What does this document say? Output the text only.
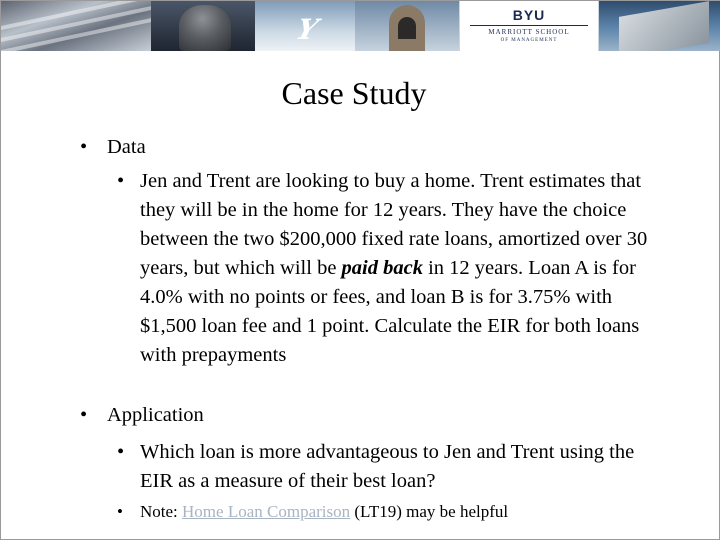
Y	BYU
MARRIOTT SCHOOL
OF MANAGEMENT
Case Study
• Data
• Jen and Trent are looking to buy a home. Trent estimates that they will be in the home for 12 years. They have the choice between the two $200,000 fixed rate loans, amortized over 30 years, but which will be paid back in 12 years. Loan A is for 4.0% with no points or fees, and loan B is for 3.75% with $1,500 loan fee and 1 point. Calculate the EIR for both loans with prepayments

• Application
• Which loan is more advantageous to Jen and Trent using the EIR as a measure of their best loan?
• Note: Home Loan Comparison (LT19) may be helpful
